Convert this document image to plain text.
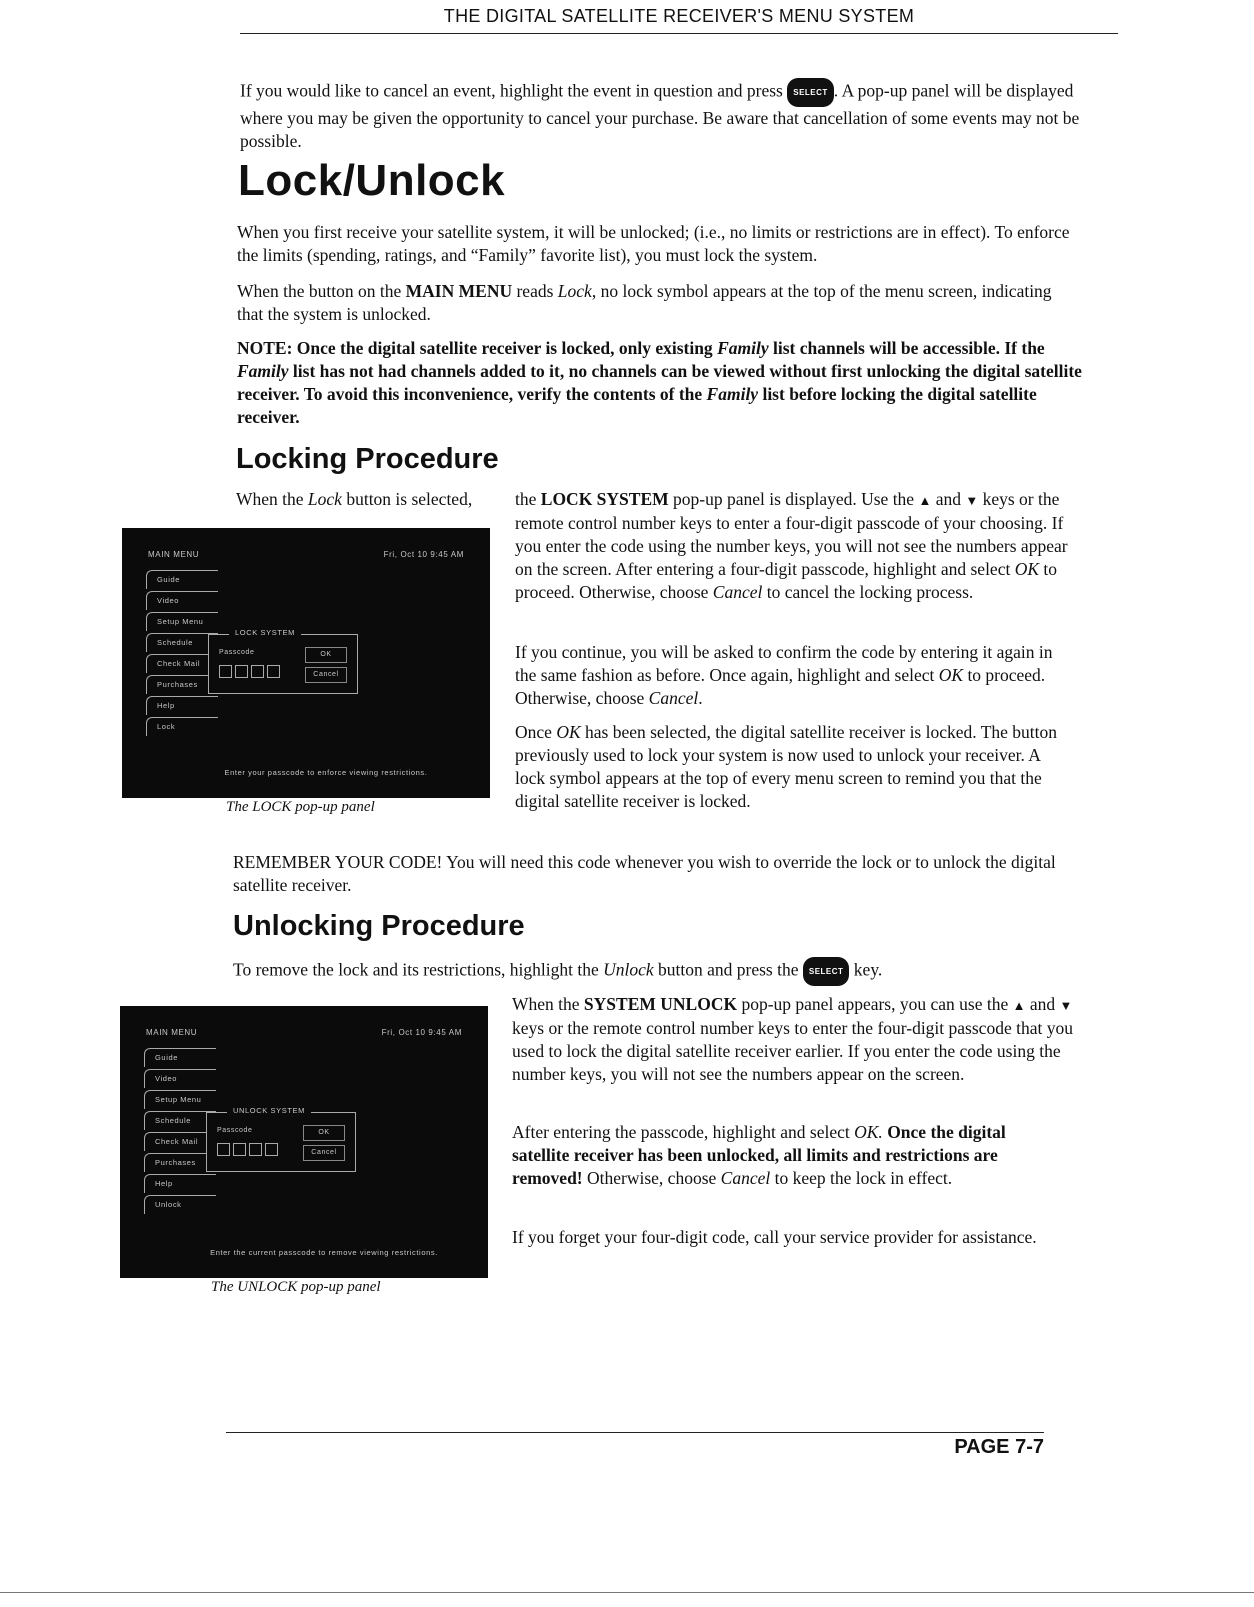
THE DIGITAL SATELLITE RECEIVER'S MENU SYSTEM

If you would like to cancel an event, highlight the event in question and press SELECT . A pop-up panel will be displayed where you may be given the opportunity to cancel your purchase. Be aware that cancellation of some events may not be possible.

Lock/Unlock

When you first receive your satellite system, it will be unlocked; (i.e., no limits or restrictions are in effect). To enforce the limits (spending, ratings, and “Family” favorite list), you must lock the system.

When the button on the MAIN MENU reads Lock, no lock symbol appears at the top of the menu screen, indicating that the system is unlocked.

NOTE: Once the digital satellite receiver is locked, only existing Family list channels will be accessible. If the Family list has not had channels added to it, no channels can be viewed without first unlocking the digital satellite receiver. To avoid this inconvenience, verify the contents of the Family list before locking the digital satellite receiver.

Locking Procedure

When the Lock button is selected,	the LOCK SYSTEM pop-up panel is displayed. Use the ▲ and ▼ keys or the remote control number keys to enter a four-digit passcode of your choosing. If you enter the code using the number keys, you will not see the numbers appear on the screen. After entering a four-digit passcode, highlight and select OK to proceed. Otherwise, choose Cancel to cancel the locking process.

If you continue, you will be asked to confirm the code by entering it again in the same fashion as before. Once again, highlight and select OK to proceed. Otherwise, choose Cancel.

Once OK has been selected, the digital satellite receiver is locked. The button previously used to lock your system is now used to unlock your receiver. A lock symbol appears at the top of every menu screen to remind you that the digital satellite receiver is locked.

MAIN MENU	Fri, Oct 10 9:45 AM
Guide
Video
Setup Menu
Schedule
Check Mail
Purchases
Help
Lock
LOCK SYSTEM
Passcode	OK
Cancel
Enter your passcode to enforce viewing restrictions.
The LOCK pop-up panel

REMEMBER YOUR CODE! You will need this code whenever you wish to override the lock or to unlock the digital satellite receiver.

Unlocking Procedure

To remove the lock and its restrictions, highlight the Unlock button and press the SELECT key.

When the SYSTEM UNLOCK pop-up panel appears, you can use the ▲ and ▼ keys or the remote control number keys to enter the four-digit passcode that you used to lock the digital satellite receiver earlier. If you enter the code using the number keys, you will not see the numbers appear on the screen.

After entering the passcode, highlight and select OK. Once the digital satellite receiver has been unlocked, all limits and restrictions are removed! Otherwise, choose Cancel to keep the lock in effect.

If you forget your four-digit code, call your service provider for assistance.

MAIN MENU	Fri, Oct 10 9:45 AM
Guide
Video
Setup Menu
Schedule
Check Mail
Purchases
Help
Unlock
UNLOCK SYSTEM
Passcode	OK
Cancel
Enter the current passcode to remove viewing restrictions.
The UNLOCK pop-up panel
PAGE 7-7
